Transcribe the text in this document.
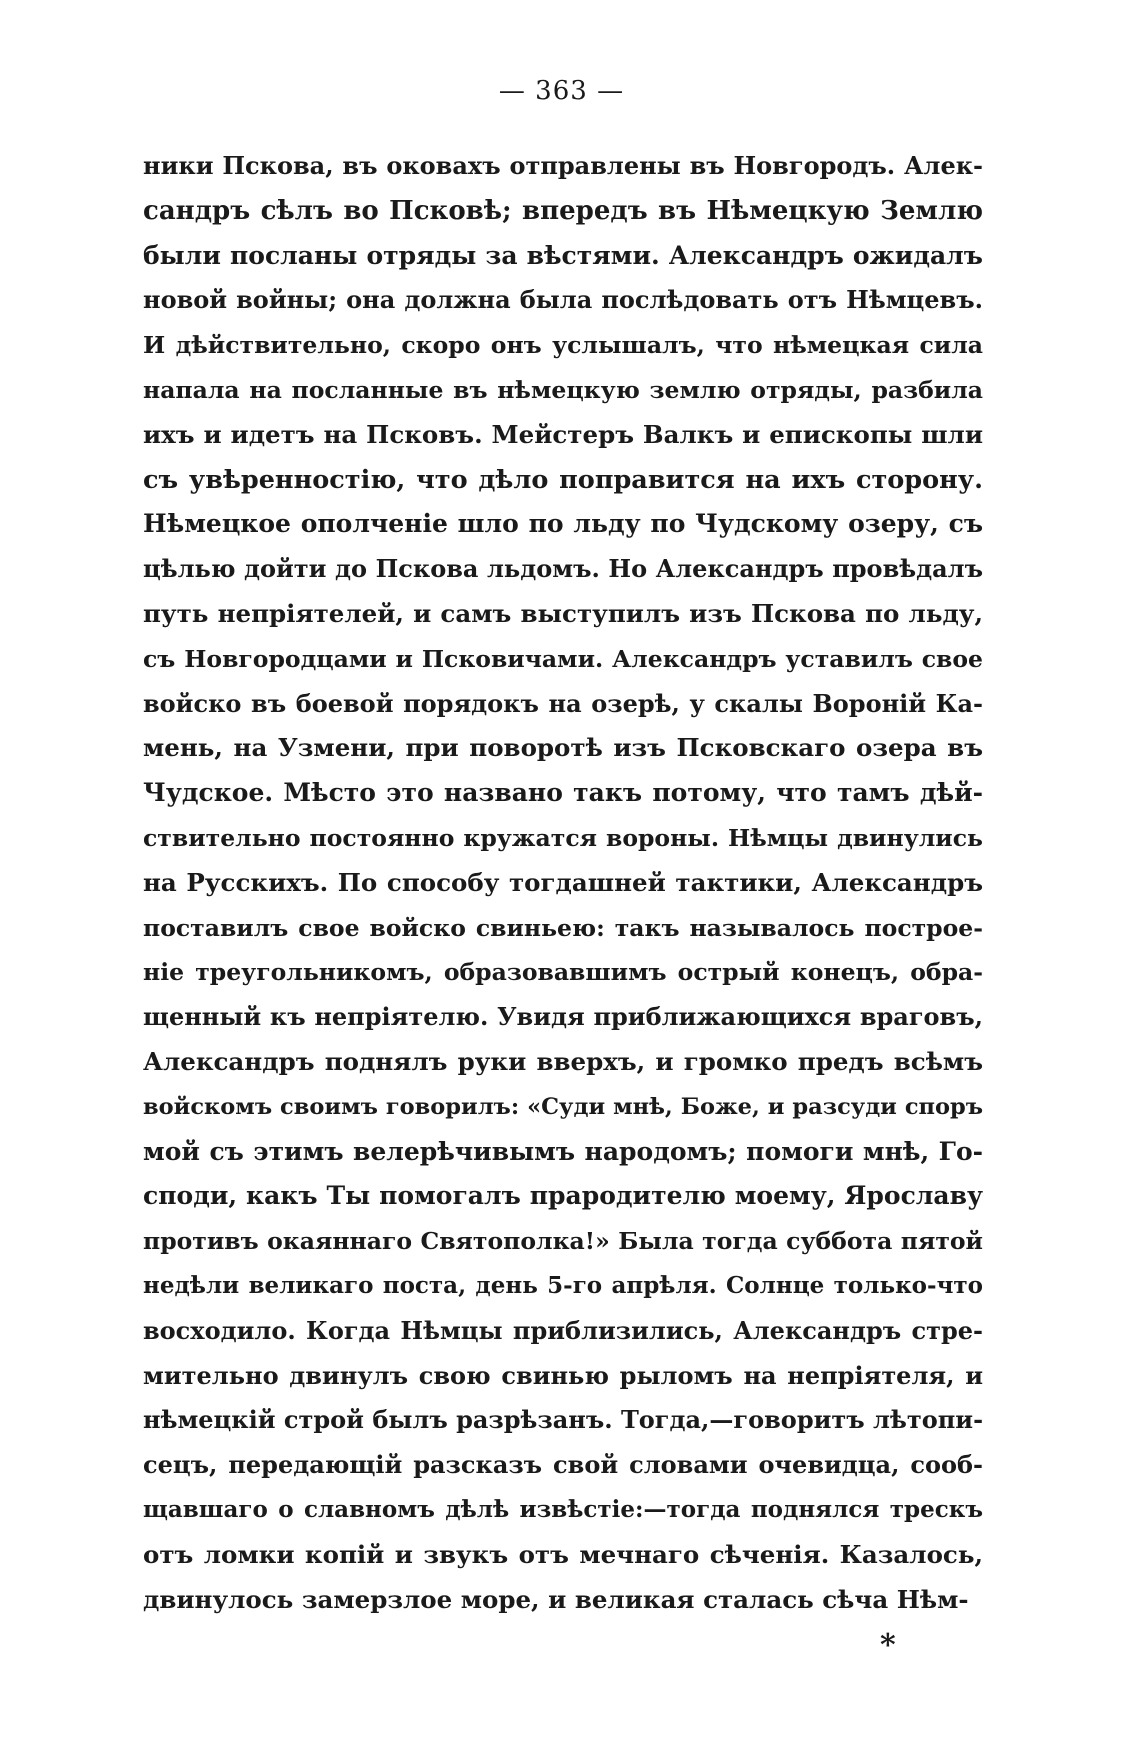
— 363 —
ники Пскова, въ оковахъ отправлены въ Новгородъ. Алек-
сандръ сѣлъ во Псковѣ; впередъ въ Нѣмецкую Землю
были посланы отряды за вѣстями. Александръ ожидалъ
новой войны; она должна была послѣдовать отъ Нѣмцевъ.
И дѣйствительно, скоро онъ услышалъ, что нѣмецкая сила
напала на посланные въ нѣмецкую землю отряды, разбила
ихъ и идетъ на Псковъ. Мейстеръ Валкъ и епископы шли
съ увѣренностію, что дѣло поправится на ихъ сторону.
Нѣмецкое ополченіе шло по льду по Чудскому озеру, съ
цѣлью дойти до Пскова льдомъ. Но Александръ провѣдалъ
путь непріятелей, и самъ выступилъ изъ Пскова по льду,
съ Новгородцами и Псковичами. Александръ уставилъ свое
войско въ боевой порядокъ на озерѣ, у скалы Вороній Ка-
мень, на Узмени, при поворотѣ изъ Псковскаго озера въ
Чудское. Мѣсто это названо такъ потому, что тамъ дѣй-
ствительно постоянно кружатся вороны. Нѣмцы двинулись
на Русскихъ. По способу тогдашней тактики, Александръ
поставилъ свое войско свиньею: такъ называлось построе-
ніе треугольникомъ, образовавшимъ острый конецъ, обра-
щенный къ непріятелю. Увидя приближающихся враговъ,
Александръ поднялъ руки вверхъ, и громко предъ всѣмъ
войскомъ своимъ говорилъ: «Суди мнѣ, Боже, и разсуди споръ
мой съ этимъ велерѣчивымъ народомъ; помоги мнѣ, Го-
споди, какъ Ты помогалъ прародителю моему, Ярославу
противъ окаяннаго Святополка!» Была тогда суббота пятой
недѣли великаго поста, день 5-го апрѣля. Солнце только-что
восходило. Когда Нѣмцы приблизились, Александръ стре-
мительно двинулъ свою свинью рыломъ на непріятеля, и
нѣмецкій строй былъ разрѣзанъ. Тогда,—говоритъ лѣтопи-
сецъ, передающій разсказъ свой словами очевидца, сооб-
щавшаго о славномъ дѣлѣ извѣстіе:—тогда поднялся трескъ
отъ ломки копій и звукъ отъ мечнаго сѣченія. Казалось,
двинулось замерзлое море, и великая сталась сѣча Нѣм-
*
